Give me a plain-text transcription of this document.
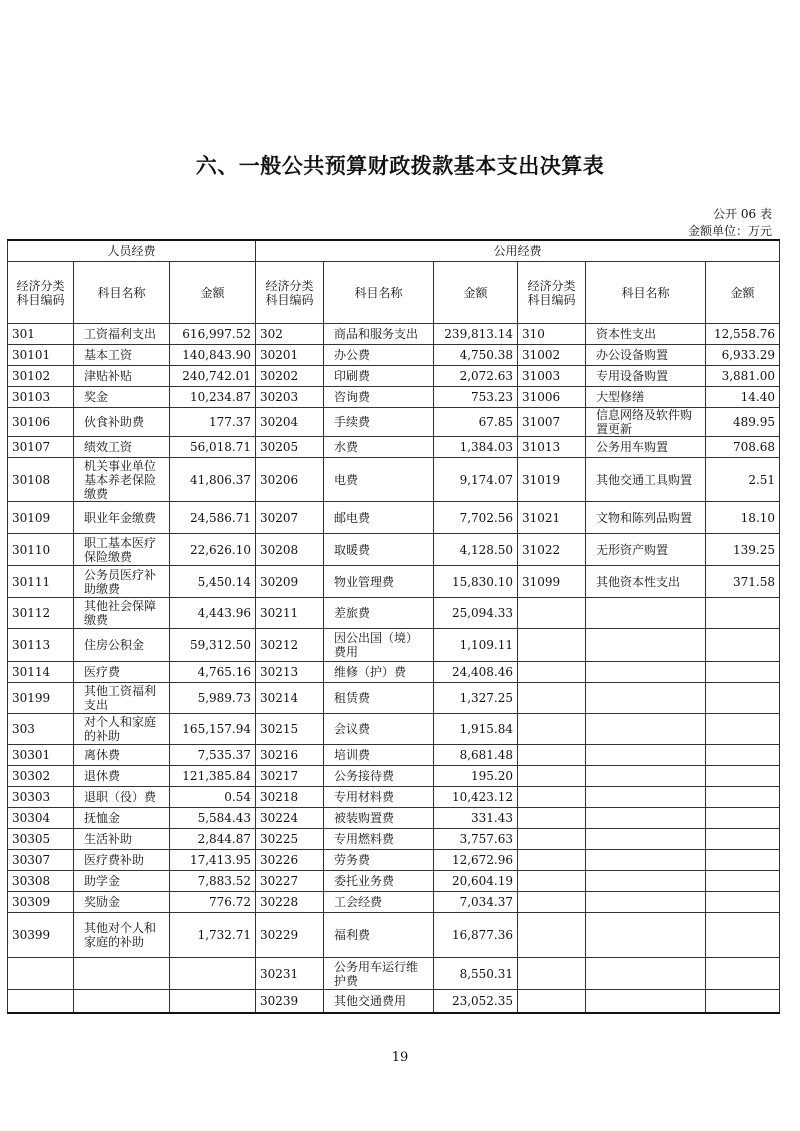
六、一般公共预算财政拨款基本支出决算表
公开 06 表
金额单位：万元
人员经费			公用经费					
经济分类科目编码	科目名称	金额	经济分类科目编码	科目名称	金额	经济分类科目编码	科目名称	金额
301	工资福利支出	616,997.52	302	商品和服务支出	239,813.14	310	资本性支出	12,558.76
30101	基本工资	140,843.90	30201	办公费	4,750.38	31002	办公设备购置	6,933.29
30102	津贴补贴	240,742.01	30202	印刷费	2,072.63	31003	专用设备购置	3,881.00
30103	奖金	10,234.87	30203	咨询费	753.23	31006	大型修缮	14.40
30106	伙食补助费	177.37	30204	手续费	67.85	31007	信息网络及软件购置更新	489.95
30107	绩效工资	56,018.71	30205	水费	1,384.03	31013	公务用车购置	708.68
30108	机关事业单位基本养老保险缴费	41,806.37	30206	电费	9,174.07	31019	其他交通工具购置	2.51
30109	职业年金缴费	24,586.71	30207	邮电费	7,702.56	31021	文物和陈列品购置	18.10
30110	职工基本医疗保险缴费	22,626.10	30208	取暖费	4,128.50	31022	无形资产购置	139.25
30111	公务员医疗补助缴费	5,450.14	30209	物业管理费	15,830.10	31099	其他资本性支出	371.58
30112	其他社会保障缴费	4,443.96	30211	差旅费	25,094.33			
30113	住房公积金	59,312.50	30212	因公出国（境）费用	1,109.11			
30114	医疗费	4,765.16	30213	维修（护）费	24,408.46			
30199	其他工资福利支出	5,989.73	30214	租赁费	1,327.25			
303	对个人和家庭的补助	165,157.94	30215	会议费	1,915.84			
30301	离休费	7,535.37	30216	培训费	8,681.48			
30302	退休费	121,385.84	30217	公务接待费	195.20			
30303	退职（役）费	0.54	30218	专用材料费	10,423.12			
30304	抚恤金	5,584.43	30224	被装购置费	331.43			
30305	生活补助	2,844.87	30225	专用燃料费	3,757.63			
30307	医疗费补助	17,413.95	30226	劳务费	12,672.96			
30308	助学金	7,883.52	30227	委托业务费	20,604.19			
30309	奖励金	776.72	30228	工会经费	7,034.37			
30399	其他对个人和家庭的补助	1,732.71	30229	福利费	16,877.36			
			30231	公务用车运行维护费	8,550.31			
			30239	其他交通费用	23,052.35			
19
